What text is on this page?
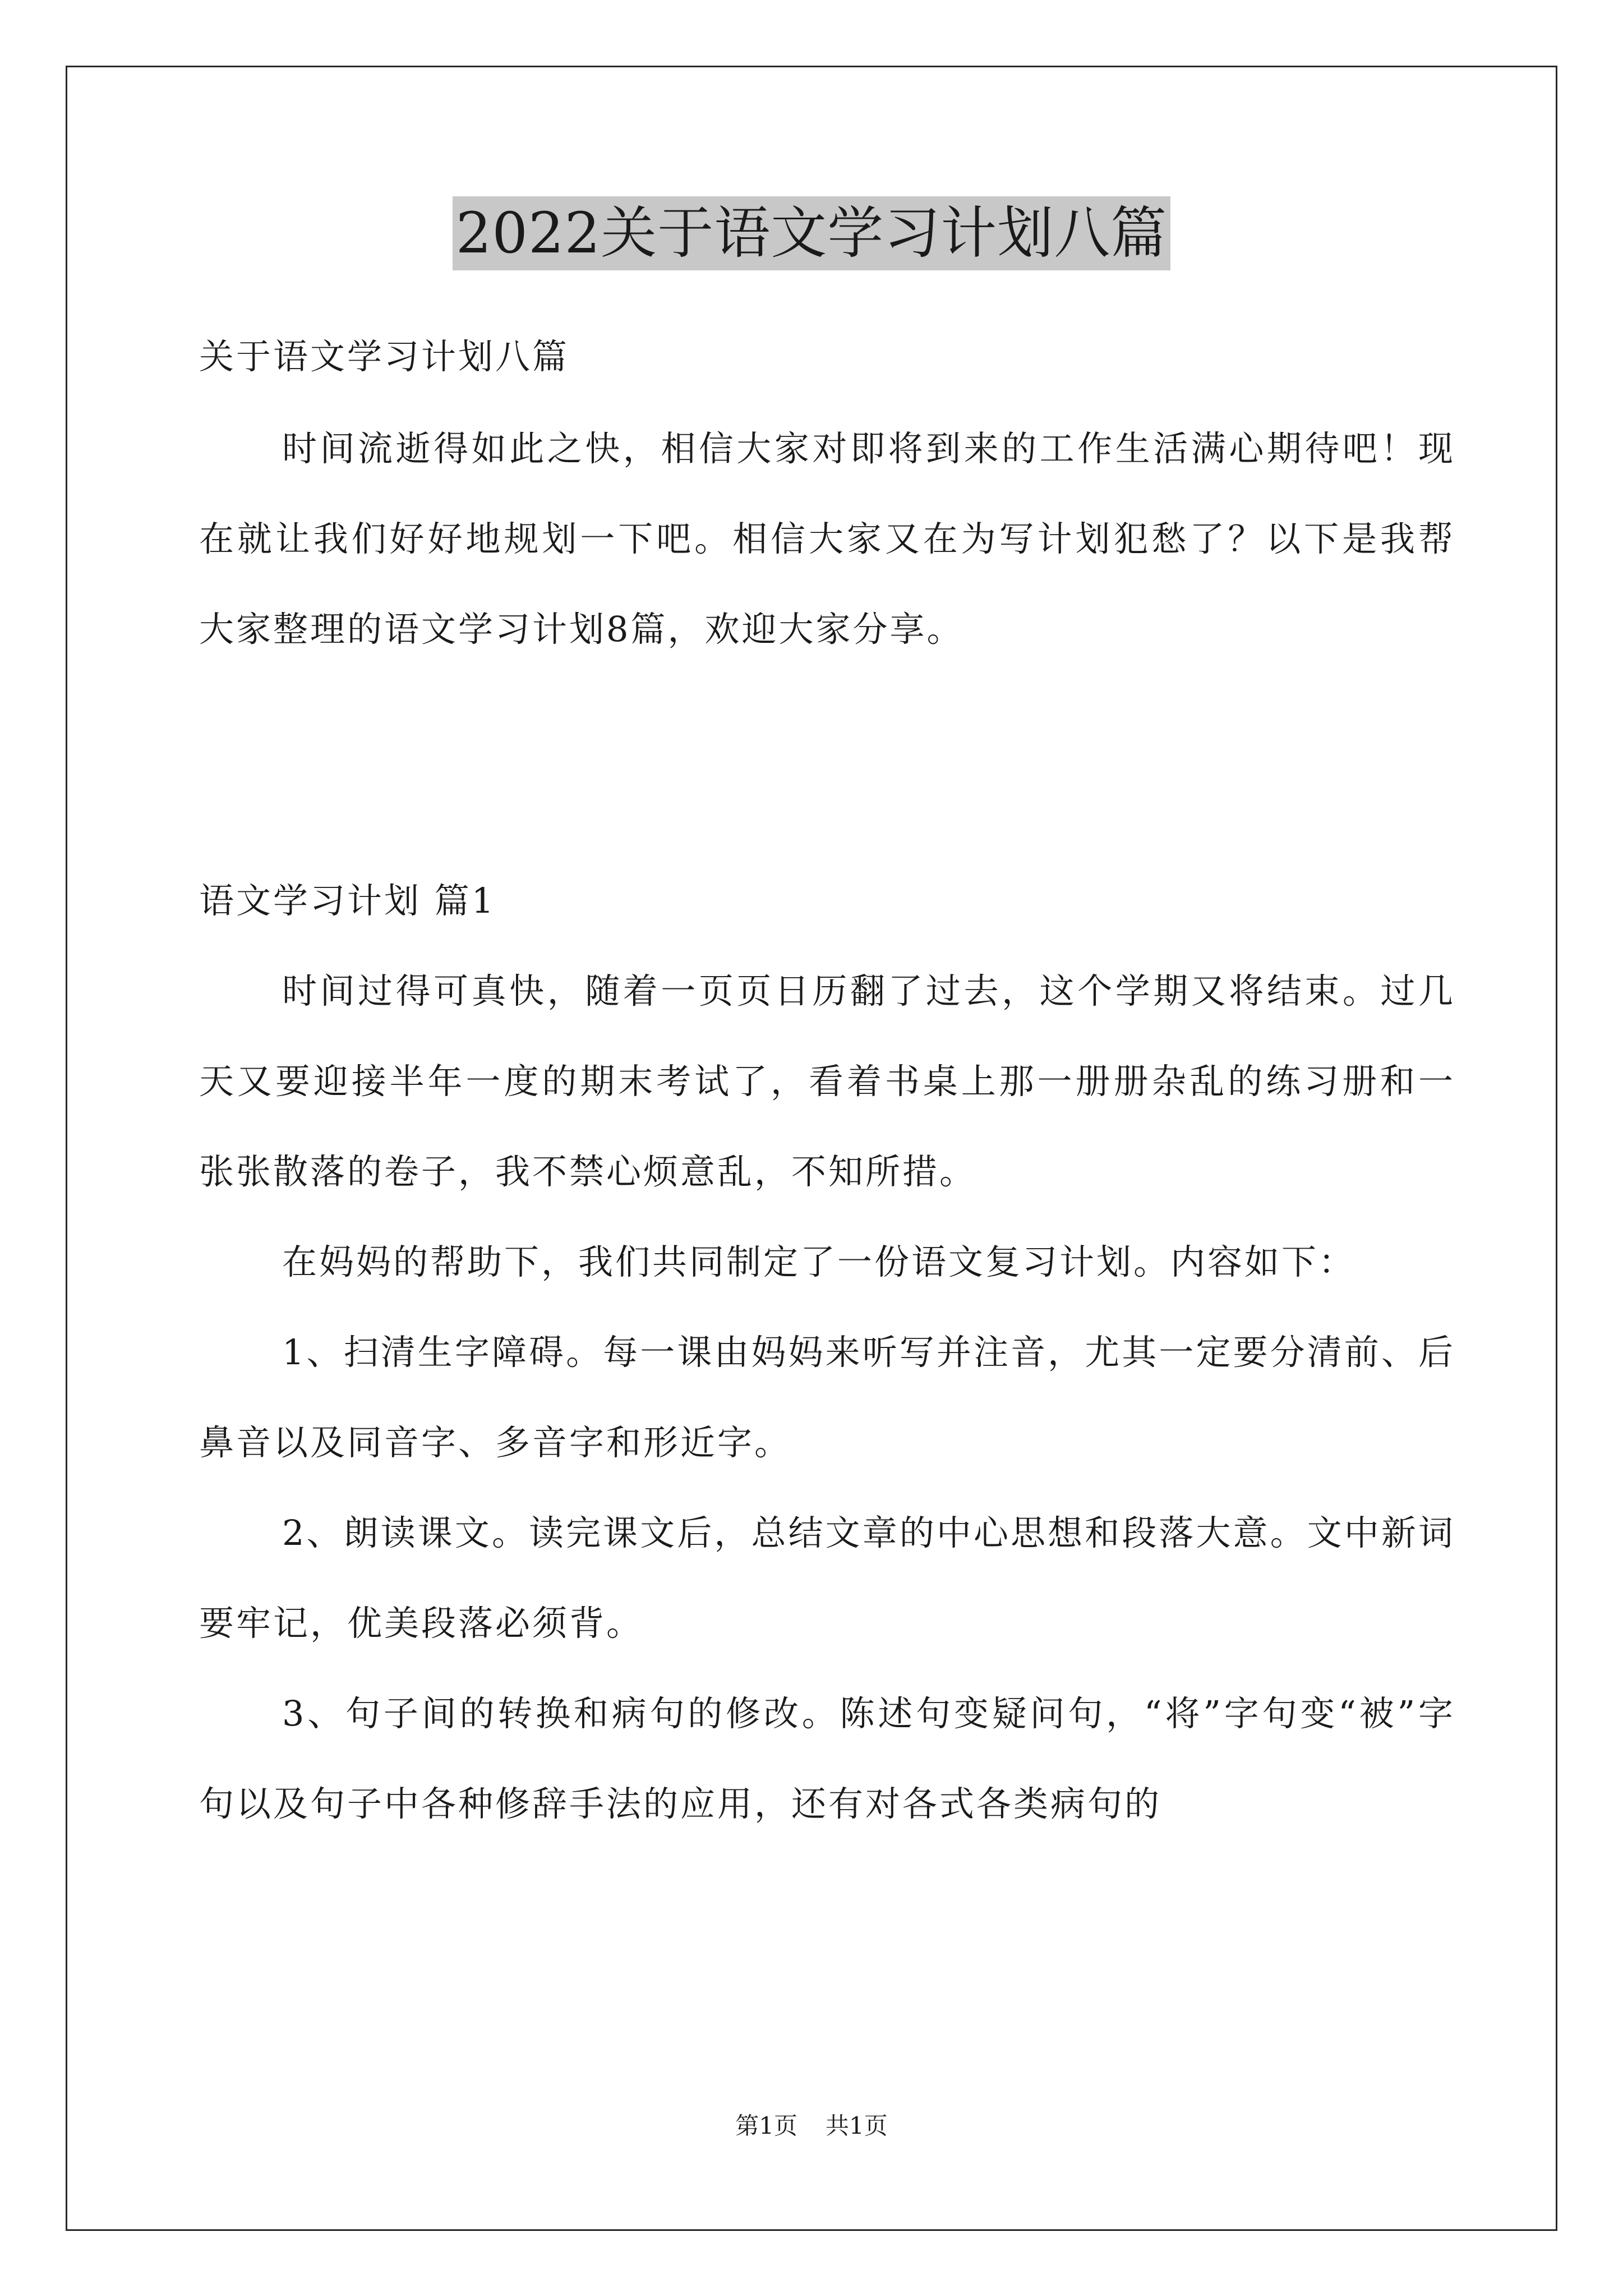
2022关于语文学习计划八篇

关于语文学习计划八篇

时间流逝得如此之快，相信大家对即将到来的工作生活满心期待吧！现在就让我们好好地规划一下吧。相信大家又在为写计划犯愁了？以下是我帮大家整理的语文学习计划8篇，欢迎大家分享。

语文学习计划 篇1

时间过得可真快，随着一页页日历翻了过去，这个学期又将结束。过几天又要迎接半年一度的期末考试了，看着书桌上那一册册杂乱的练习册和一张张散落的卷子，我不禁心烦意乱，不知所措。

在妈妈的帮助下，我们共同制定了一份语文复习计划。内容如下：

1、扫清生字障碍。每一课由妈妈来听写并注音，尤其一定要分清前、后鼻音以及同音字、多音字和形近字。

2、朗读课文。读完课文后，总结文章的中心思想和段落大意。文中新词要牢记，优美段落必须背。

3、句子间的转换和病句的修改。陈述句变疑问句，“将”字句变“被”字句以及句子中各种修辞手法的应用，还有对各式各类病句的

第1页 共1页
